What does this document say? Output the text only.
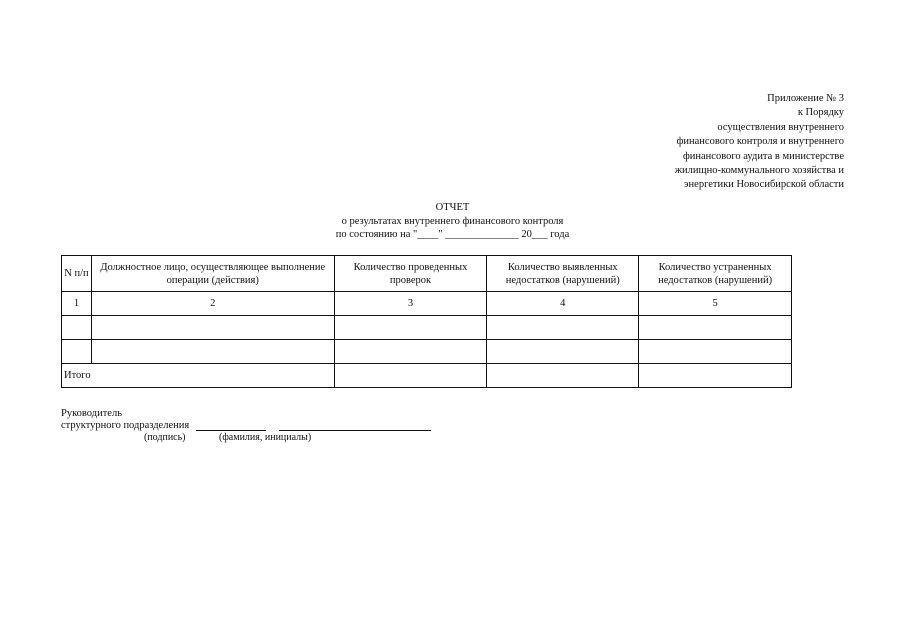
Приложение № 3
к Порядку
осуществления внутреннего
финансового контроля и внутреннего
финансового аудита в министерстве
жилищно-коммунального хозяйства и
энергетики Новосибирской области
ОТЧЕТ
о результатах внутреннего финансового контроля
по состоянию на "____" ______________ 20___ года
N п/п	Должностное лицо, осуществляющее выполнение операции (действия)	Количество проведенных проверок	Количество выявленных недостатков (нарушений)	Количество устраненных недостатков (нарушений)
1	2	3	4	5

Итого				
Руководитель
структурного подразделения
(подпись)	(фамилия, инициалы)
